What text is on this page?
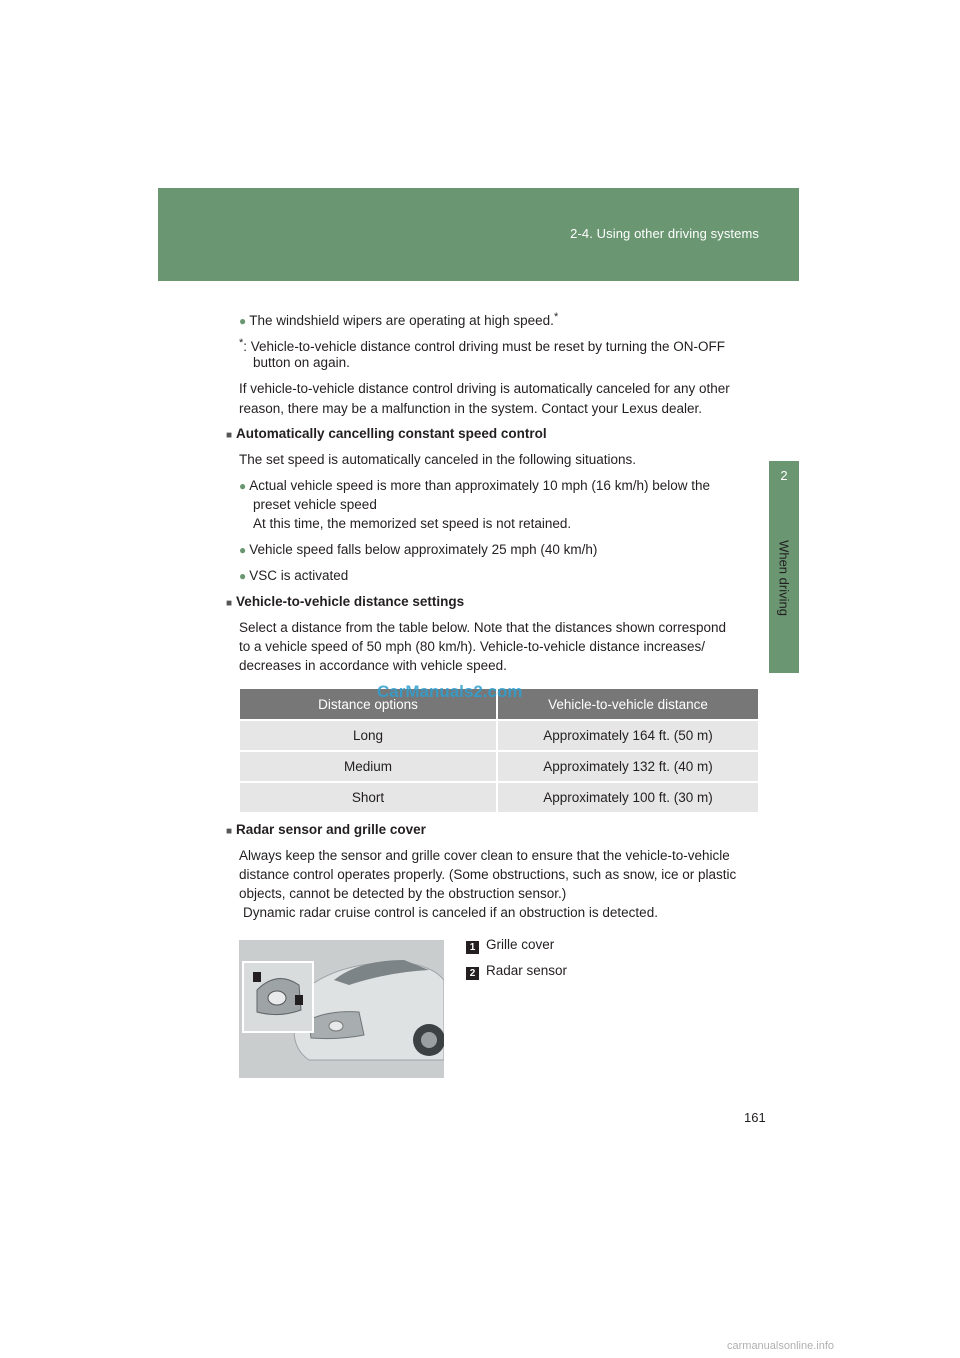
2-4. Using other driving systems
2
When driving
● The windshield wipers are operating at high speed.*
*: Vehicle-to-vehicle distance control driving must be reset by turning the ON-OFF
button on again.
If vehicle-to-vehicle distance control driving is automatically canceled for any other
reason, there may be a malfunction in the system. Contact your Lexus dealer.
■ Automatically cancelling constant speed control
The set speed is automatically canceled in the following situations.
● Actual vehicle speed is more than approximately 10 mph (16 km/h) below the
preset vehicle speed
At this time, the memorized set speed is not retained.
● Vehicle speed falls below approximately 25 mph (40 km/h)
● VSC is activated
■ Vehicle-to-vehicle distance settings
Select a distance from the table below. Note that the distances shown correspond
to a vehicle speed of 50 mph (80 km/h). Vehicle-to-vehicle distance increases/
decreases in accordance with vehicle speed.
Distance options	Vehicle-to-vehicle distance
Long	Approximately 164 ft. (50 m)
Medium	Approximately 132 ft. (40 m)
Short	Approximately 100 ft. (30 m)
CarManuals2.com
■ Radar sensor and grille cover
Always keep the sensor and grille cover clean to ensure that the vehicle-to-vehicle
distance control operates properly. (Some obstructions, such as snow, ice or plastic
objects, cannot be detected by the obstruction sensor.)
Dynamic radar cruise control is canceled if an obstruction is detected.
1 Grille cover
2 Radar sensor
161
carmanualsonline.info
